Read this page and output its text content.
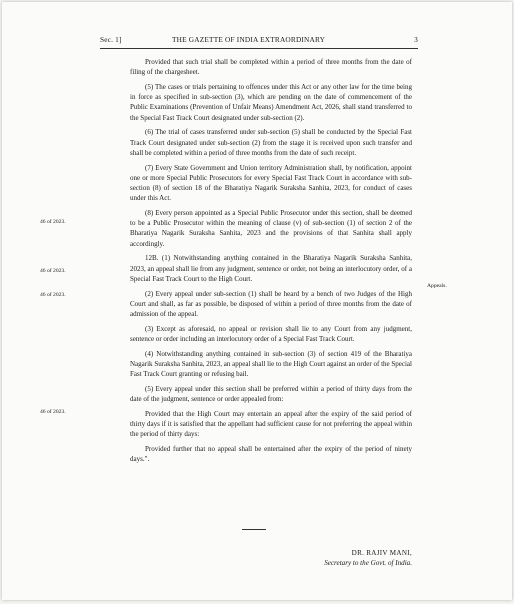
Sec. 1]	THE GAZETTE OF INDIA EXTRAORDINARY	3

Provided that such trial shall be completed within a period of three months from the date of filing of the chargesheet.

(5) The cases or trials pertaining to offences under this Act or any other law for the time being in force as specified in sub-section (3), which are pending on the date of commencement of the Public Examinations (Prevention of Unfair Means) Amendment Act, 2026, shall stand transferred to the Special Fast Track Court designated under sub-section (2).

(6) The trial of cases transferred under sub-section (5) shall be conducted by the Special Fast Track Court designated under sub-section (2) from the stage it is received upon such transfer and shall be completed within a period of three months from the date of such receipt.

(7) Every State Government and Union territory Administration shall, by notification, appoint one or more Special Public Prosecutors for every Special Fast Track Court in accordance with sub-section (8) of section 18 of the Bharatiya Nagarik Suraksha Sanhita, 2023, for conduct of cases under this Act.

(8) Every person appointed as a Special Public Prosecutor under this section, shall be deemed to be a Public Prosecutor within the meaning of clause (v) of sub-section (1) of section 2 of the Bharatiya Nagarik Suraksha Sanhita, 2023 and the provisions of that Sanhita shall apply accordingly.

12B. (1) Notwithstanding anything contained in the Bharatiya Nagarik Suraksha Sanhita, 2023, an appeal shall lie from any judgment, sentence or order, not being an interlocutory order, of a Special Fast Track Court to the High Court.

(2) Every appeal under sub-section (1) shall be heard by a bench of two Judges of the High Court and shall, as far as possible, be disposed of within a period of three months from the date of admission of the appeal.

(3) Except as aforesaid, no appeal or revision shall lie to any Court from any judgment, sentence or order including an interlocutory order of a Special Fast Track Court.

(4) Notwithstanding anything contained in sub-section (3) of section 419 of the Bharatiya Nagarik Suraksha Sanhita, 2023, an appeal shall lie to the High Court against an order of the Special Fast Track Court granting or refusing bail.

(5) Every appeal under this section shall be preferred within a period of thirty days from the date of the judgment, sentence or order appealed from:

Provided that the High Court may entertain an appeal after the expiry of the said period of thirty days if it is satisfied that the appellant had sufficient cause for not preferring the appeal within the period of thirty days:

Provided further that no appeal shall be entertained after the expiry of the period of ninety days.".

46 of 2023.
46 of 2023.
46 of 2023.
46 of 2023.
Appeals.
DR. RAJIV MANI,
Secretary to the Govt. of India.
